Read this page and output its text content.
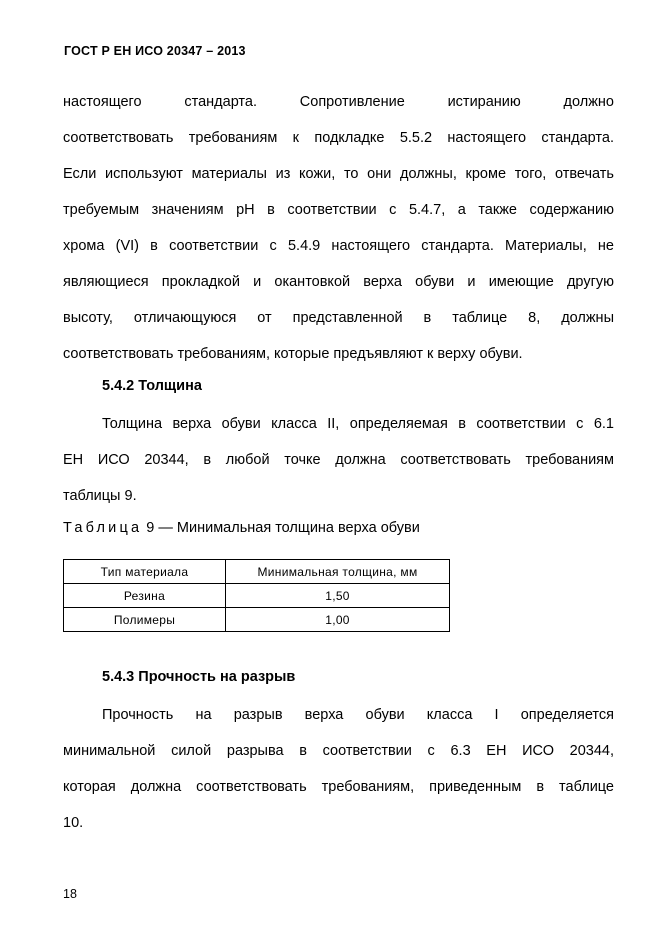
ГОСТ Р ЕН ИСО 20347 – 2013
настоящего стандарта. Сопротивление истиранию должно
соответствовать требованиям к подкладке 5.5.2 настоящего стандарта.
Если используют материалы из кожи, то они должны, кроме того, отвечать
требуемым значениям pH в соответствии с 5.4.7, а также содержанию
хрома (VI) в соответствии с 5.4.9 настоящего стандарта. Материалы, не
являющиеся прокладкой и окантовкой верха обуви и имеющие другую
высоту, отличающуюся от представленной в таблице 8, должны
соответствовать требованиям, которые предъявляют к верху обуви.
5.4.2 Толщина
Толщина верха обуви класса II, определяемая в соответствии с 6.1
ЕН ИСО 20344, в любой точке должна соответствовать требованиям
таблицы 9.
Таблица 9 — Минимальная толщина верха обуви
Тип материала	Минимальная толщина, мм
Резина	1,50
Полимеры	1,00
5.4.3 Прочность на разрыв
Прочность на разрыв верха обуви класса I определяется
минимальной силой разрыва в соответствии с 6.3 ЕН ИСО 20344,
которая должна соответствовать требованиям, приведенным в таблице
10.
18
